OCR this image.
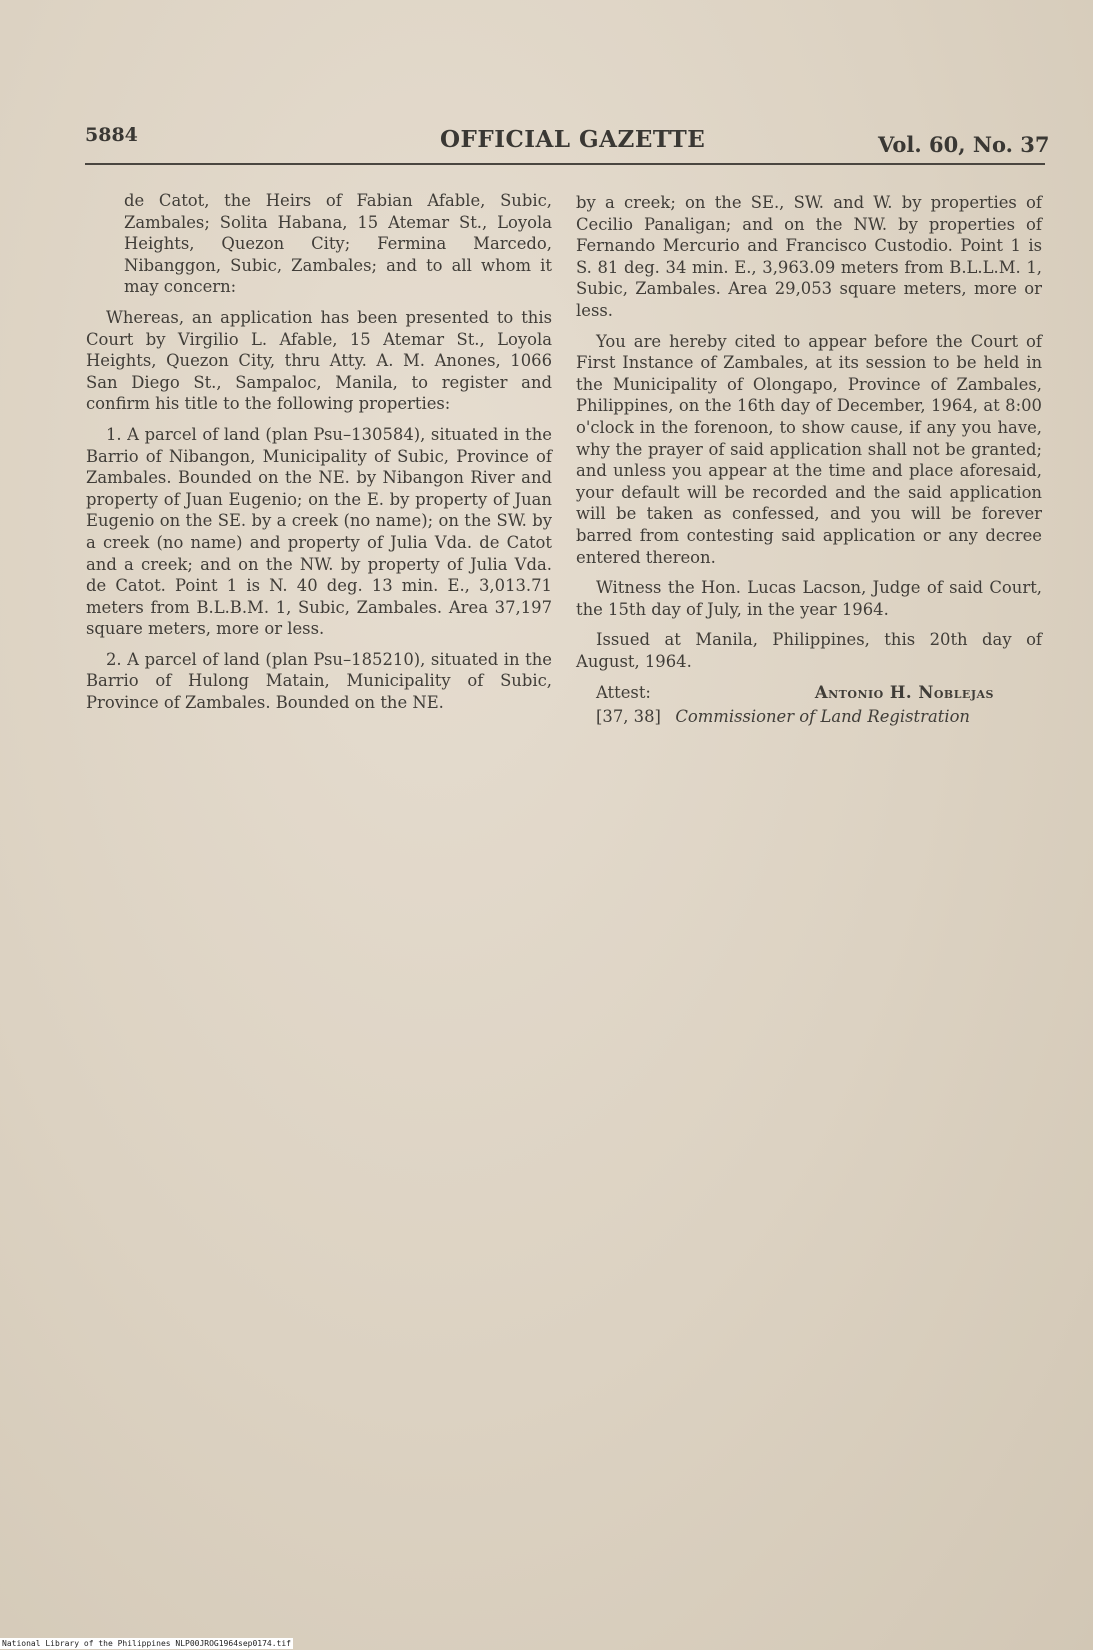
5884	OFFICIAL GAZETTE	Vol. 60, No. 37

de Catot, the Heirs of Fabian Afable, Subic, Zambales; Solita Habana, 15 Atemar St., Loyola Heights, Quezon City; Fermina Marcedo, Nibanggon, Subic, Zambales; and to all whom it may concern:

Whereas, an application has been presented to this Court by Virgilio L. Afable, 15 Atemar St., Loyola Heights, Quezon City, thru Atty. A. M. Anones, 1066 San Diego St., Sampaloc, Manila, to register and confirm his title to the following properties:

1. A parcel of land (plan Psu–130584), situated in the Barrio of Nibangon, Municipality of Subic, Province of Zambales. Bounded on the NE. by Nibangon River and property of Juan Eugenio; on the E. by property of Juan Eugenio on the SE. by a creek (no name); on the SW. by a creek (no name) and property of Julia Vda. de Catot and a creek; and on the NW. by property of Julia Vda. de Catot. Point 1 is N. 40 deg. 13 min. E., 3,013.71 meters from B.L.B.M. 1, Subic, Zambales. Area 37,197 square meters, more or less.

2. A parcel of land (plan Psu–185210), situated in the Barrio of Hulong Matain, Municipality of Subic, Province of Zambales. Bounded on the NE.

by a creek; on the SE., SW. and W. by properties of Cecilio Panaligan; and on the NW. by properties of Fernando Mercurio and Francisco Custodio. Point 1 is S. 81 deg. 34 min. E., 3,963.09 meters from B.L.L.M. 1, Subic, Zambales. Area 29,053 square meters, more or less.

You are hereby cited to appear before the Court of First Instance of Zambales, at its session to be held in the Municipality of Olongapo, Province of Zambales, Philippines, on the 16th day of December, 1964, at 8:00 o'clock in the forenoon, to show cause, if any you have, why the prayer of said application shall not be granted; and unless you appear at the time and place aforesaid, your default will be recorded and the said application will be taken as confessed, and you will be forever barred from contesting said application or any decree entered thereon.

Witness the Hon. Lucas Lacson, Judge of said Court, the 15th day of July, in the year 1964.

Issued at Manila, Philippines, this 20th day of August, 1964.

Attest:
[37, 38]
Antonio H. Noblejas
Commissioner of Land Registration
National Library of the Philippines NLP00JROG1964sep0174.tif
